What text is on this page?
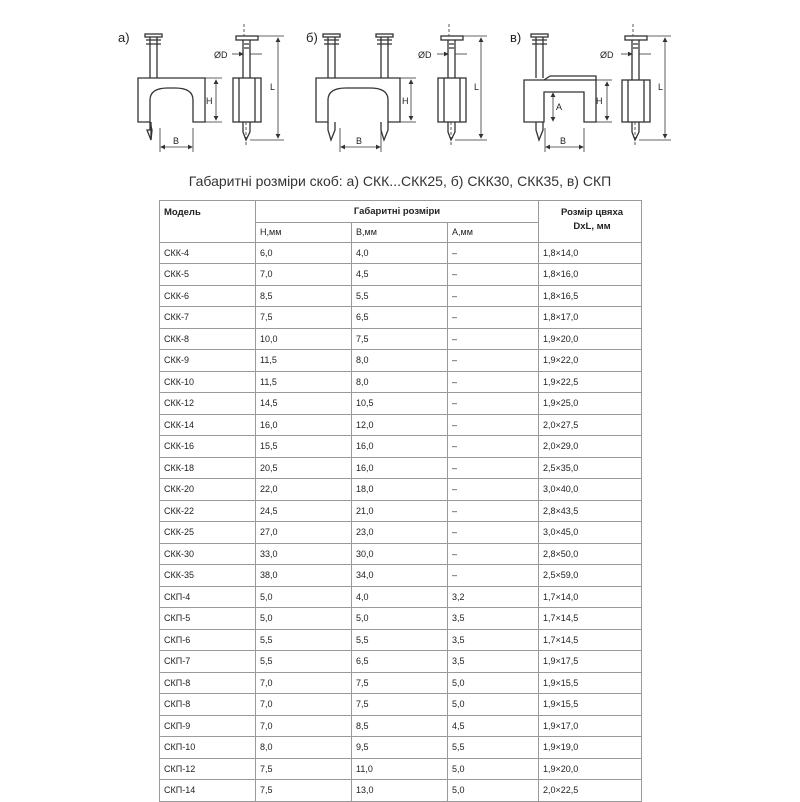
а)
B
H
ØD
L
б)
B
H
ØD
L
в)
A
B
H
ØD
L
Габаритні розміри скоб: а) СКК...СКК25, б) СКК30, СКК35, в) СКП
Модель	Габаритні розміри			Розмір цвяха
DxL, мм
	H,мм	B,мм	A,мм	
СКК-4	6,0	4,0	–	1,8×14,0
СКК-5	7,0	4,5	–	1,8×16,0
СКК-6	8,5	5,5	–	1,8×16,5
СКК-7	7,5	6,5	–	1,8×17,0
СКК-8	10,0	7,5	–	1,9×20,0
СКК-9	11,5	8,0	–	1,9×22,0
СКК-10	11,5	8,0	–	1,9×22,5
СКК-12	14,5	10,5	–	1,9×25,0
СКК-14	16,0	12,0	–	2,0×27,5
СКК-16	15,5	16,0	–	2,0×29,0
СКК-18	20,5	16,0	–	2,5×35,0
СКК-20	22,0	18,0	–	3,0×40,0
СКК-22	24,5	21,0	–	2,8×43,5
СКК-25	27,0	23,0	–	3,0×45,0
СКК-30	33,0	30,0	–	2,8×50,0
СКК-35	38,0	34,0	–	2,5×59,0
СКП-4	5,0	4,0	3,2	1,7×14,0
СКП-5	5,0	5,0	3,5	1,7×14,5
СКП-6	5,5	5,5	3,5	1,7×14,5
СКП-7	5,5	6,5	3,5	1,9×17,5
СКП-8	7,0	7,5	5,0	1,9×15,5
СКП-8	7,0	7,5	5,0	1,9×15,5
СКП-9	7,0	8,5	4,5	1,9×17,0
СКП-10	8,0	9,5	5,5	1,9×19,0
СКП-12	7,5	11,0	5,0	1,9×20,0
СКП-14	7,5	13,0	5,0	2,0×22,5
